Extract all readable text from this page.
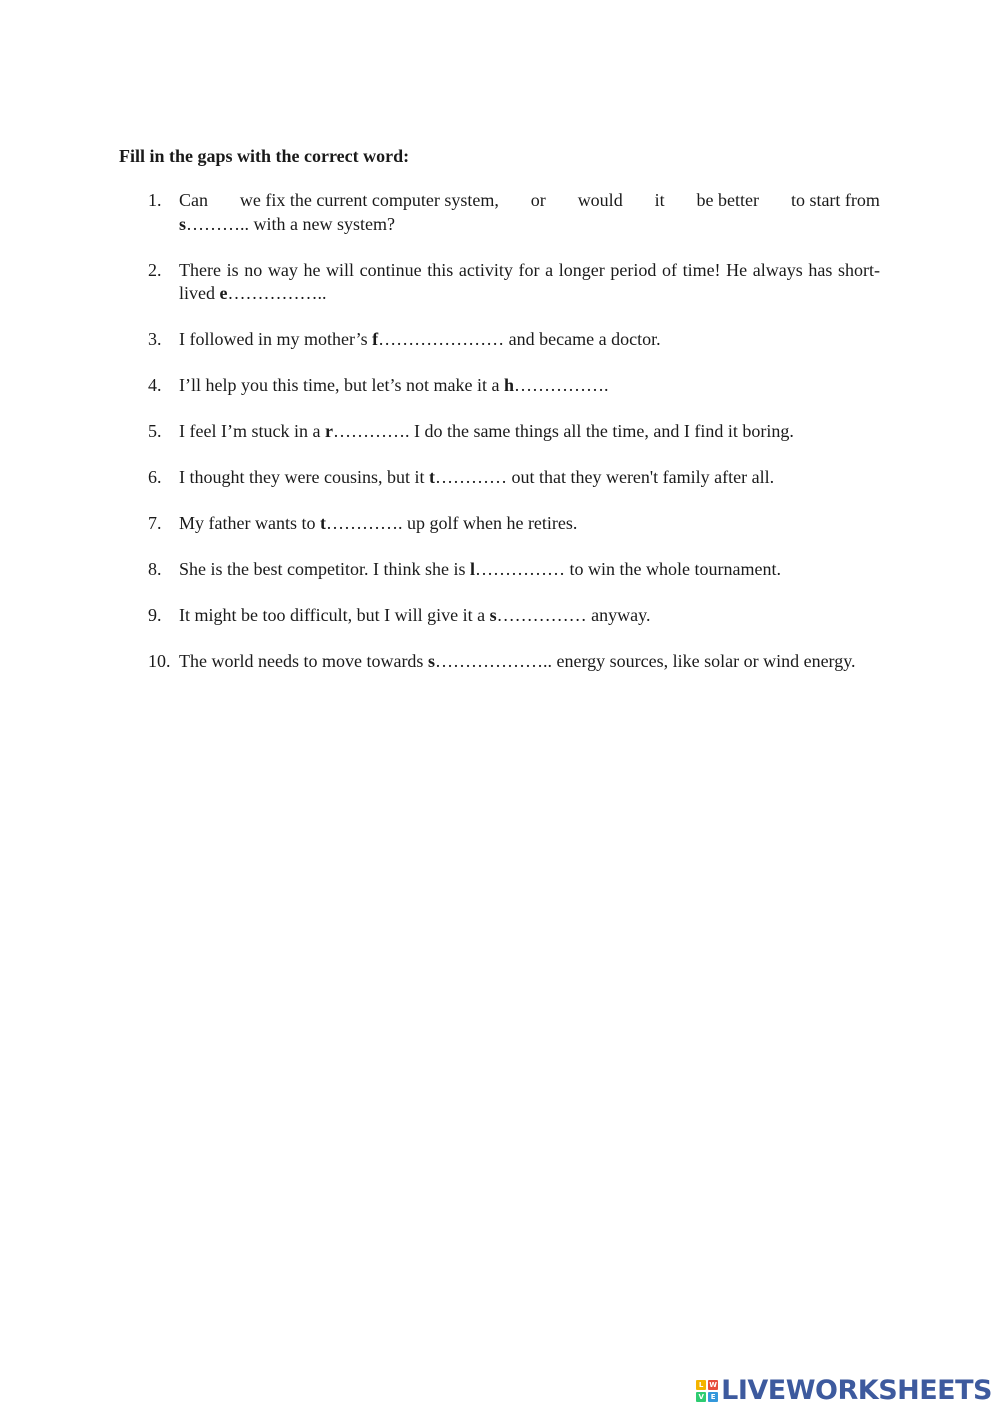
Fill in the gaps with the correct word:

1. Can we fix the current computer system, or would it be better to start from
s……….. with a new system?
2. There is no way he will continue this activity for a longer period of time! He always has short-lived e……………..
3. I followed in my mother’s f………………… and became a doctor.
4. I’ll help you this time, but let’s not make it a h…………….
5. I feel I’m stuck in a r…………. I do the same things all the time, and I find it boring.
6. I thought they were cousins, but it t………… out that they weren't family after all.
7. My father wants to t…………. up golf when he retires.
8. She is the best competitor. I think she is l…………… to win the whole tournament.
9. It might be too difficult, but I will give it a s…………… anyway.
10. The world needs to move towards s……………….. energy sources, like solar or wind energy.
L W
V E LIVEWORKSHEETS
